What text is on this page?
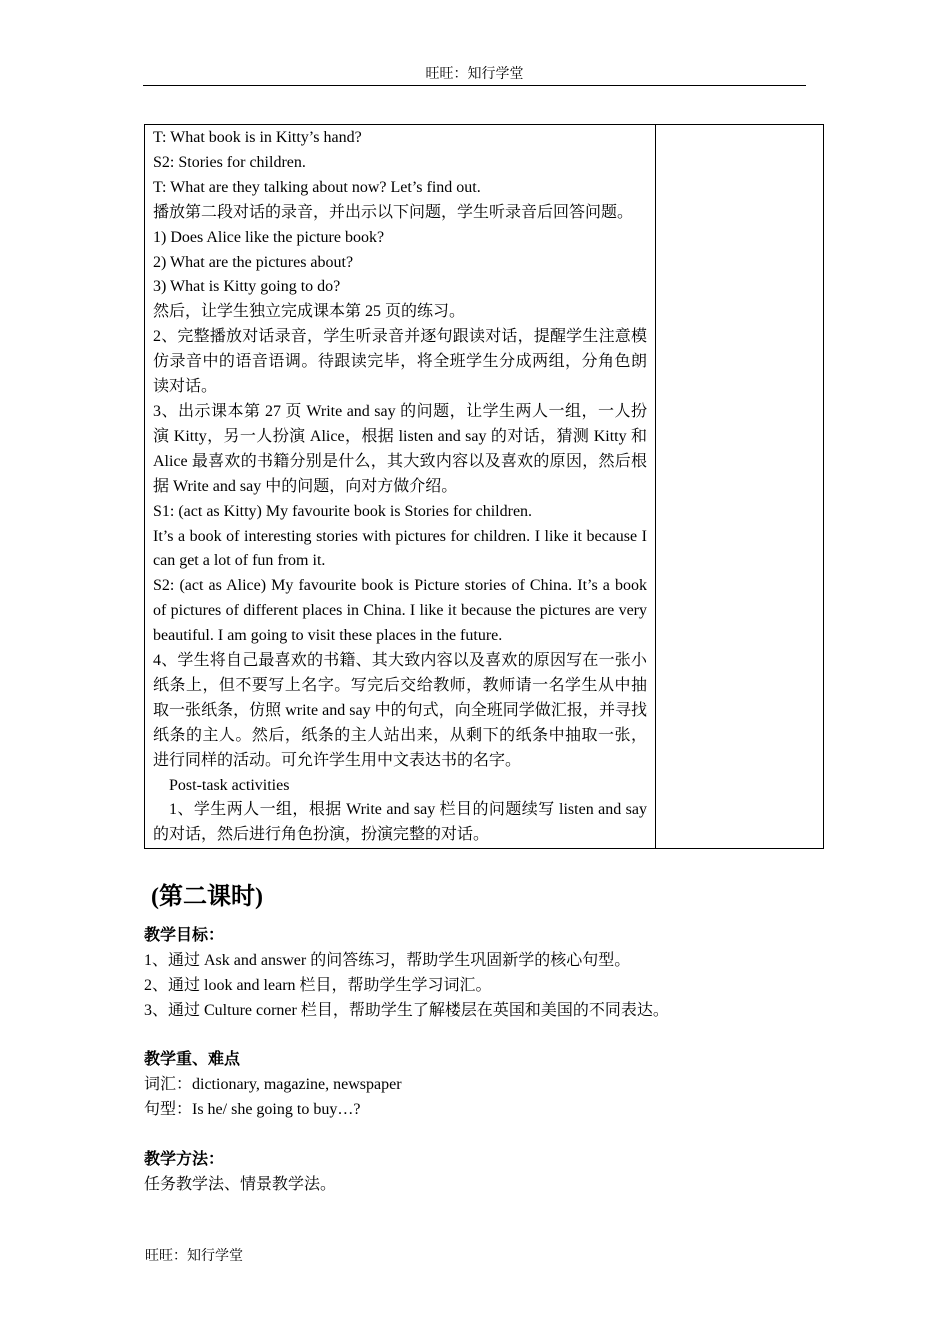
旺旺：知行学堂

T: What book is in Kitty’s hand?

S2: Stories for children.

T: What are they talking about now? Let’s find out.

播放第二段对话的录音，并出示以下问题，学生听录音后回答问题。

1) Does Alice like the picture book?

2) What are the pictures about?

3) What is Kitty going to do?

然后，让学生独立完成课本第 25 页的练习。

2、完整播放对话录音，学生听录音并逐句跟读对话，提醒学生注意模仿录音中的语音语调。待跟读完毕，将全班学生分成两组，分角色朗读对话。

3、出示课本第 27 页 Write and say 的问题，让学生两人一组，一人扮演 Kitty，另一人扮演 Alice，根据 listen and say 的对话，猜测 Kitty 和 Alice 最喜欢的书籍分别是什么，其大致内容以及喜欢的原因，然后根据 Write and say 中的问题，向对方做介绍。

S1: (act as Kitty) My favourite book is Stories for children.

It’s a book of interesting stories with pictures for children. I like it because I can get a lot of fun from it.

S2: (act as Alice) My favourite book is Picture stories of China. It’s a book of pictures of different places in China. I like it because the pictures are very beautiful. I am going to visit these places in the future.

4、学生将自己最喜欢的书籍、其大致内容以及喜欢的原因写在一张小纸条上，但不要写上名字。写完后交给教师，教师请一名学生从中抽取一张纸条，仿照 write and say 中的句式，向全班同学做汇报，并寻找纸条的主人。然后，纸条的主人站出来，从剩下的纸条中抽取一张，进行同样的活动。可允许学生用中文表达书的名字。

Post-task activities

1、学生两人一组，根据 Write and say 栏目的问题续写 listen and say 的对话，然后进行角色扮演，扮演完整的对话。

(第二课时)

教学目标：

1、通过 Ask and answer 的问答练习，帮助学生巩固新学的核心句型。

2、通过 look and learn 栏目，帮助学生学习词汇。

3、通过 Culture corner 栏目，帮助学生了解楼层在英国和美国的不同表达。

教学重、难点

词汇：dictionary, magazine, newspaper

句型：Is he/ she going to buy…?

教学方法：

任务教学法、情景教学法。

旺旺：知行学堂
